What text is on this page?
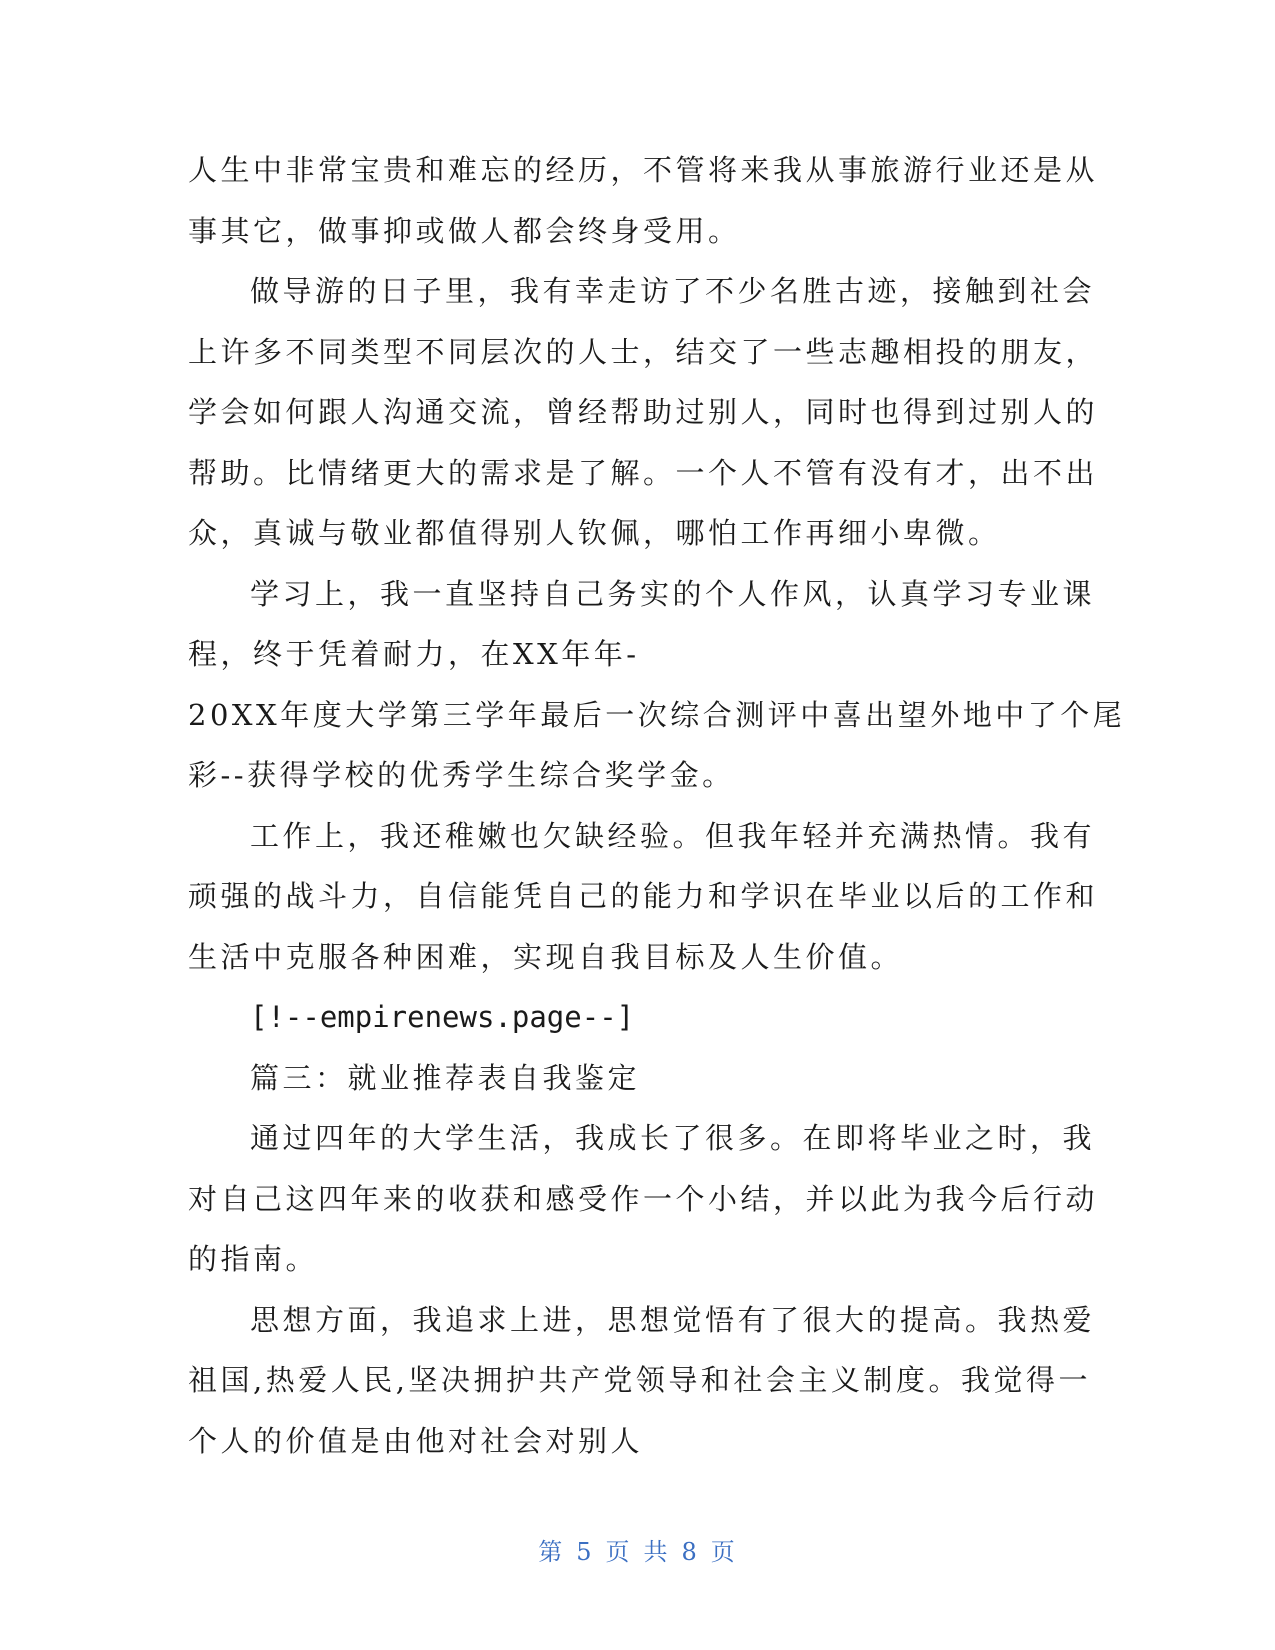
人生中非常宝贵和难忘的经历，不管将来我从事旅游行业还是从
事其它，做事抑或做人都会终身受用。
做导游的日子里，我有幸走访了不少名胜古迹，接触到社会
上许多不同类型不同层次的人士，结交了一些志趣相投的朋友，
学会如何跟人沟通交流，曾经帮助过别人，同时也得到过别人的
帮助。比情绪更大的需求是了解。一个人不管有没有才，出不出
众，真诚与敬业都值得别人钦佩，哪怕工作再细小卑微。
学习上，我一直坚持自己务实的个人作风，认真学习专业课
程，终于凭着耐力，在XX年年-
20XX年度大学第三学年最后一次综合测评中喜出望外地中了个尾
彩--获得学校的优秀学生综合奖学金。
工作上，我还稚嫩也欠缺经验。但我年轻并充满热情。我有
顽强的战斗力，自信能凭自己的能力和学识在毕业以后的工作和
生活中克服各种困难，实现自我目标及人生价值。
[!--empirenews.page--]
篇三：就业推荐表自我鉴定
通过四年的大学生活，我成长了很多。在即将毕业之时，我
对自己这四年来的收获和感受作一个小结，并以此为我今后行动
的指南。
思想方面，我追求上进，思想觉悟有了很大的提高。我热爱
祖国,热爱人民,坚决拥护共产党领导和社会主义制度。我觉得一
个人的价值是由他对社会对别人
第 5 页 共 8 页
